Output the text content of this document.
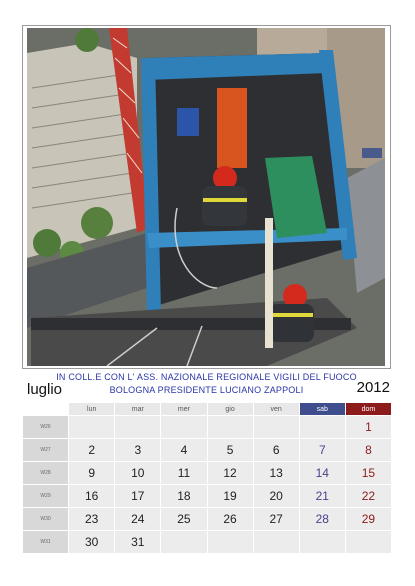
IN COLL.E CON L' ASS. NAZIONALE REGIONALE VIGILI DEL FUOCO
BOLOGNA PRESIDENTE LUCIANO ZAPPOLI
luglio	2012
	lun	mar	mer	gio	ven	sab	dom
W26							1
W27	2	3	4	5	6	7	8
W28	9	10	11	12	13	14	15
W29	16	17	18	19	20	21	22
W30	23	24	25	26	27	28	29
W31	30	31					
